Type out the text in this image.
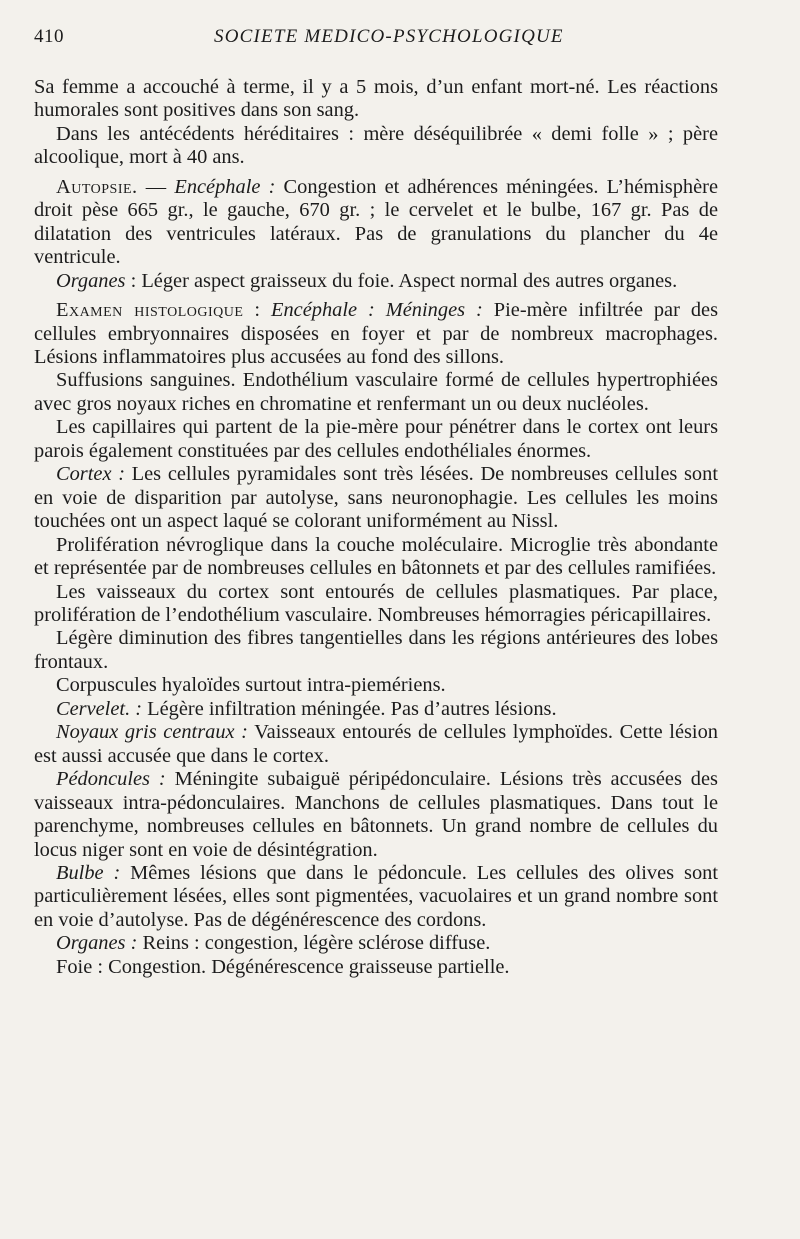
410	SOCIETE MEDICO-PSYCHOLOGIQUE

Sa femme a accouché à terme, il y a 5 mois, d’un enfant mort-né. Les réactions humorales sont positives dans son sang.

Dans les antécédents héréditaires : mère déséquilibrée « demi folle » ; père alcoolique, mort à 40 ans.

Autopsie. — Encéphale : Congestion et adhérences méningées. L’hémisphère droit pèse 665 gr., le gauche, 670 gr. ; le cervelet et le bulbe, 167 gr. Pas de dilatation des ventricules latéraux. Pas de granulations du plancher du 4e ventricule.

Organes : Léger aspect graisseux du foie. Aspect normal des autres organes.

Examen histologique : Encéphale : Méninges : Pie-mère infiltrée par des cellules embryonnaires disposées en foyer et par de nombreux macrophages. Lésions inflammatoires plus accusées au fond des sillons.

Suffusions sanguines. Endothélium vasculaire formé de cellules hypertrophiées avec gros noyaux riches en chromatine et renfermant un ou deux nucléoles.

Les capillaires qui partent de la pie-mère pour pénétrer dans le cortex ont leurs parois également constituées par des cellules endothéliales énormes.

Cortex : Les cellules pyramidales sont très lésées. De nombreuses cellules sont en voie de disparition par autolyse, sans neuronophagie. Les cellules les moins touchées ont un aspect laqué se colorant uniformément au Nissl.

Prolifération névroglique dans la couche moléculaire. Microglie très abondante et représentée par de nombreuses cellules en bâtonnets et par des cellules ramifiées.

Les vaisseaux du cortex sont entourés de cellules plasmatiques. Par place, prolifération de l’endothélium vasculaire. Nombreuses hémorragies péricapillaires.

Légère diminution des fibres tangentielles dans les régions antérieures des lobes frontaux.

Corpuscules hyaloïdes surtout intra-piemériens.

Cervelet. : Légère infiltration méningée. Pas d’autres lésions.

Noyaux gris centraux : Vaisseaux entourés de cellules lymphoïdes. Cette lésion est aussi accusée que dans le cortex.

Pédoncules : Méningite subaiguë péripédonculaire. Lésions très accusées des vaisseaux intra-pédonculaires. Manchons de cellules plasmatiques. Dans tout le parenchyme, nombreuses cellules en bâtonnets. Un grand nombre de cellules du locus niger sont en voie de désintégration.

Bulbe : Mêmes lésions que dans le pédoncule. Les cellules des olives sont particulièrement lésées, elles sont pigmentées, vacuolaires et un grand nombre sont en voie d’autolyse. Pas de dégénérescence des cordons.

Organes : Reins : congestion, légère sclérose diffuse.

Foie : Congestion. Dégénérescence graisseuse partielle.
